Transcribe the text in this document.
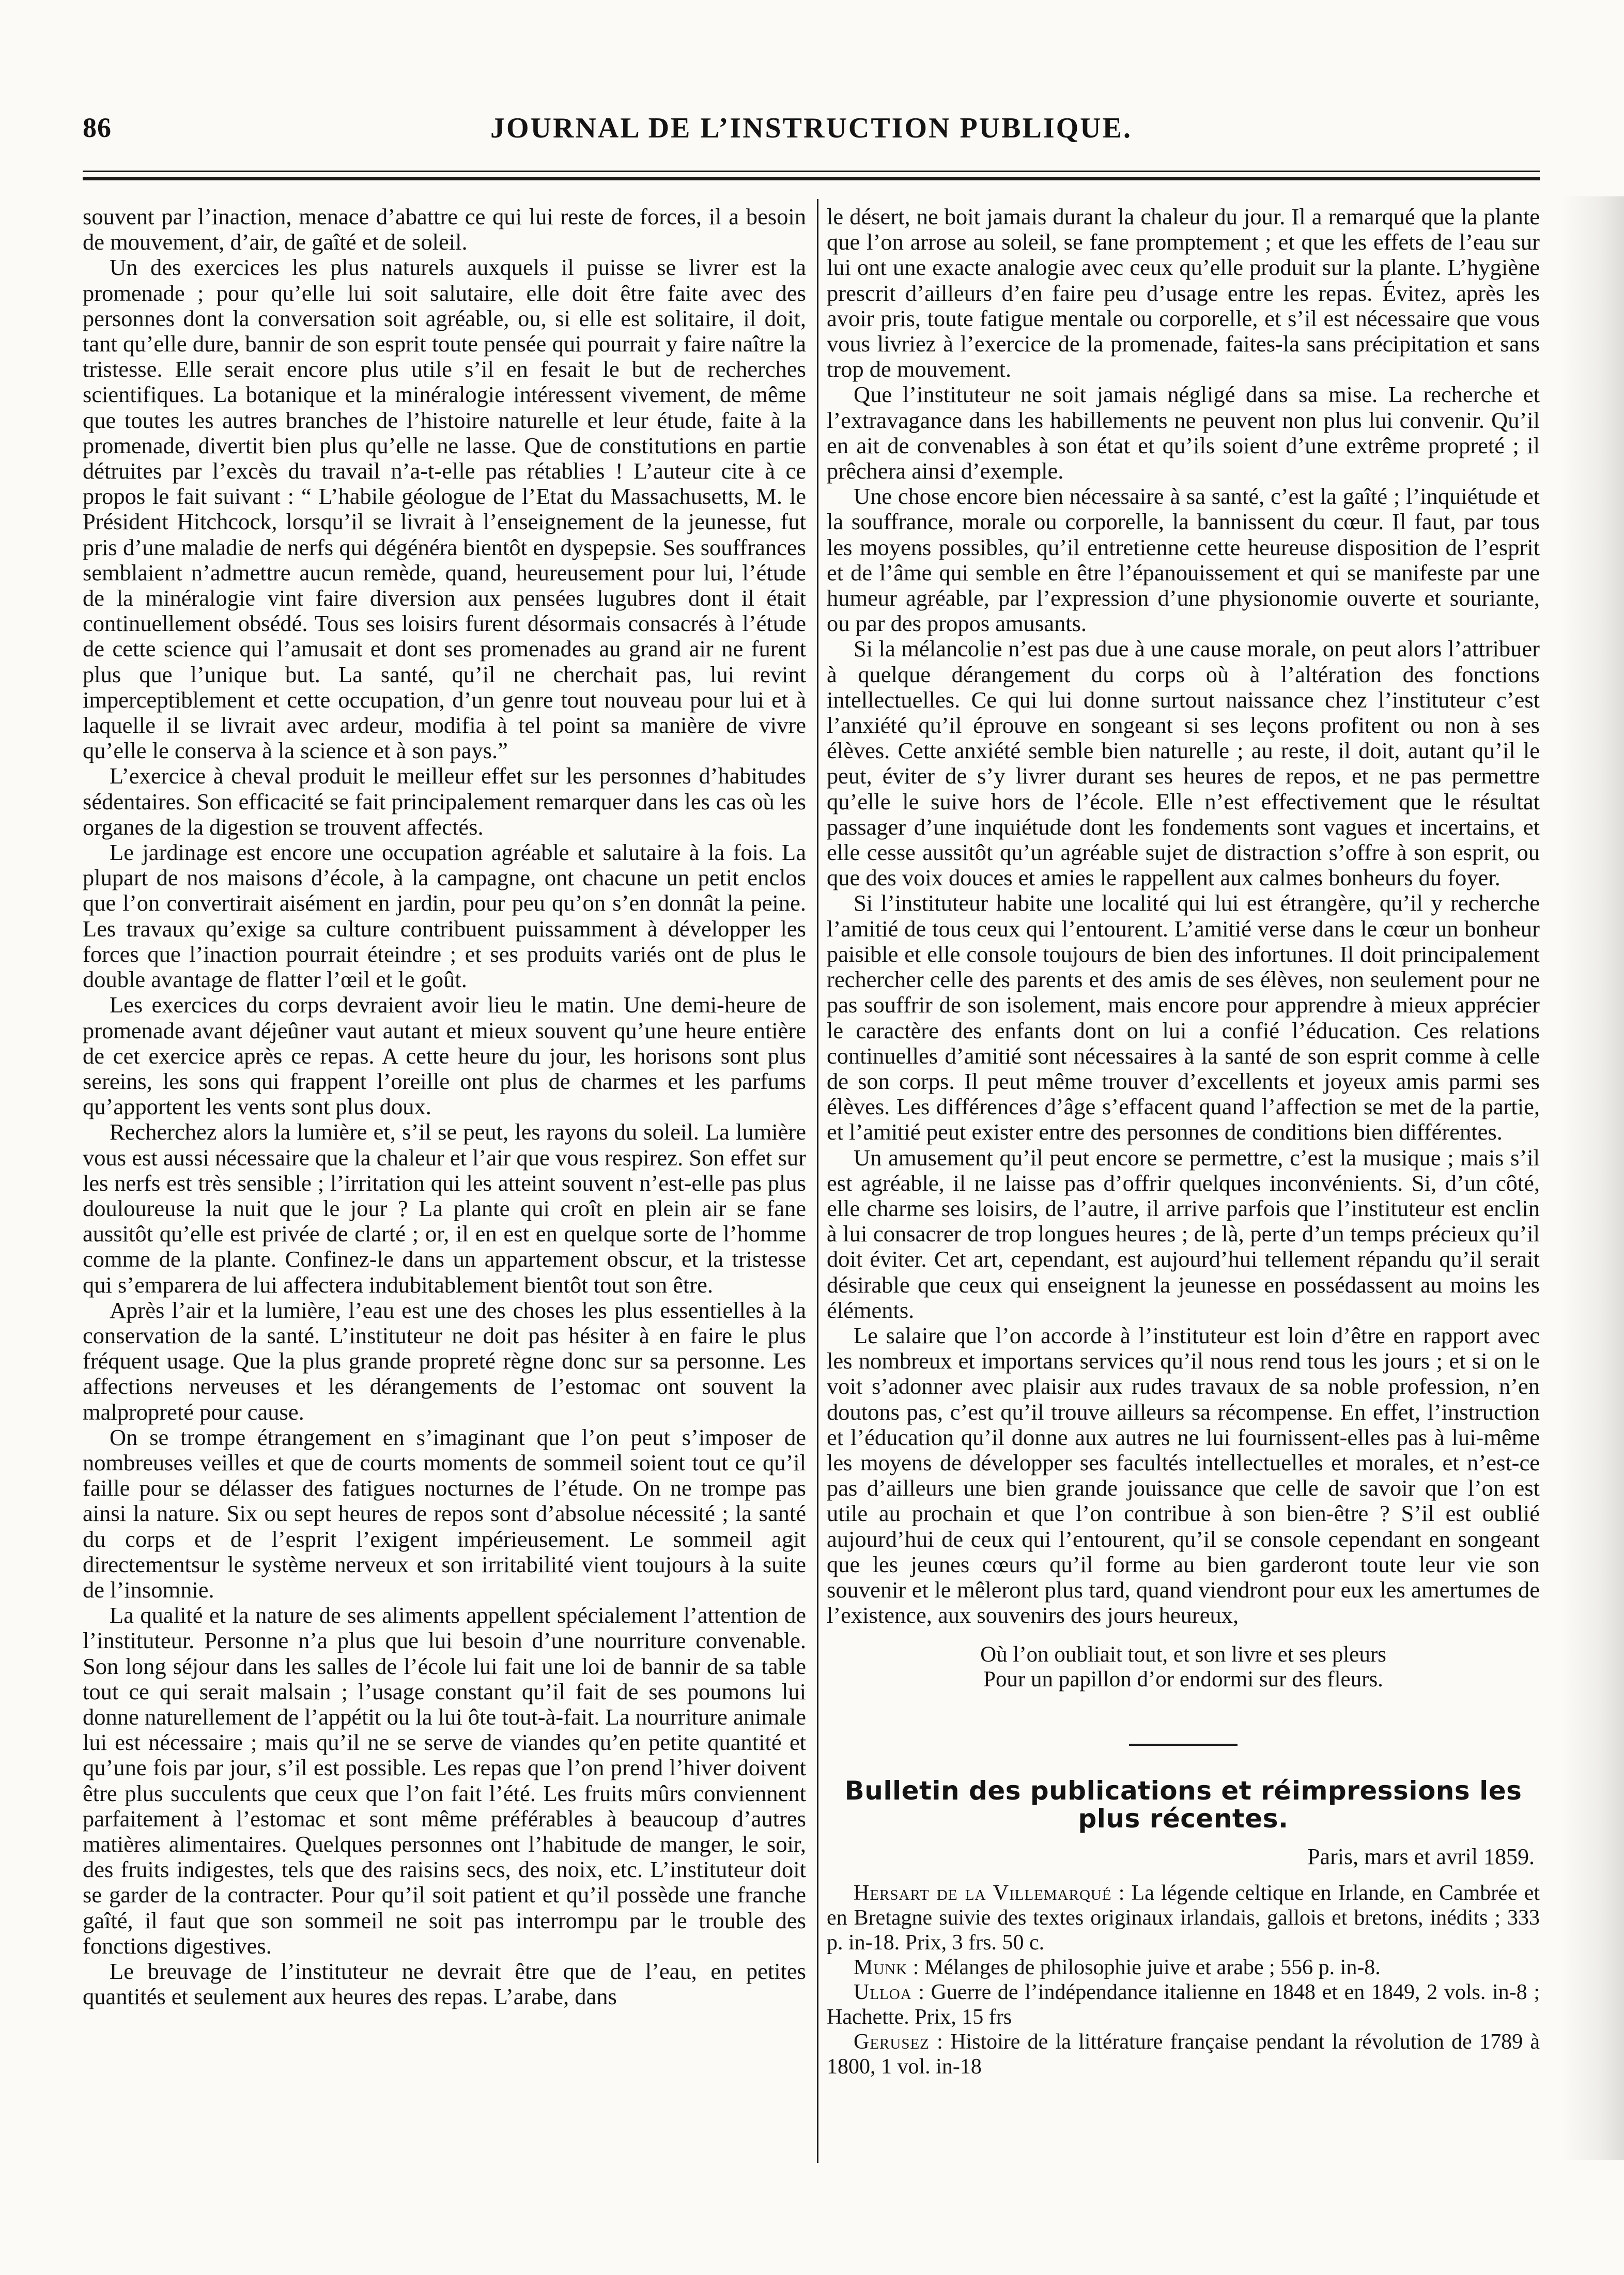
86	JOURNAL DE L’INSTRUCTION PUBLIQUE.

souvent par l’inaction, menace d’abattre ce qui lui reste de forces, il a besoin de mouvement, d’air, de gaîté et de soleil.

Un des exercices les plus naturels auxquels il puisse se livrer est la promenade ; pour qu’elle lui soit salutaire, elle doit être faite avec des personnes dont la conversation soit agréable, ou, si elle est solitaire, il doit, tant qu’elle dure, bannir de son esprit toute pensée qui pourrait y faire naître la tristesse. Elle serait encore plus utile s’il en fesait le but de recherches scientifiques. La botanique et la minéralogie intéressent vivement, de même que toutes les autres branches de l’histoire naturelle et leur étude, faite à la promenade, divertit bien plus qu’elle ne lasse. Que de constitutions en partie détruites par l’excès du travail n’a-t-elle pas rétablies ! L’auteur cite à ce propos le fait suivant : “ L’habile géologue de l’Etat du Massachusetts, M. le Président Hitchcock, lorsqu’il se livrait à l’enseignement de la jeunesse, fut pris d’une maladie de nerfs qui dégénéra bientôt en dyspepsie. Ses souffrances semblaient n’admettre aucun remède, quand, heureusement pour lui, l’étude de la minéralogie vint faire diversion aux pensées lugubres dont il était continuellement obsédé. Tous ses loisirs furent désormais consacrés à l’étude de cette science qui l’amusait et dont ses promenades au grand air ne furent plus que l’unique but. La santé, qu’il ne cherchait pas, lui revint imperceptiblement et cette occupation, d’un genre tout nouveau pour lui et à laquelle il se livrait avec ardeur, modifia à tel point sa manière de vivre qu’elle le conserva à la science et à son pays.”

L’exercice à cheval produit le meilleur effet sur les personnes d’habitudes sédentaires. Son efficacité se fait principalement remarquer dans les cas où les organes de la digestion se trouvent affectés.

Le jardinage est encore une occupation agréable et salutaire à la fois. La plupart de nos maisons d’école, à la campagne, ont chacune un petit enclos que l’on convertirait aisément en jardin, pour peu qu’on s’en donnât la peine. Les travaux qu’exige sa culture contribuent puissamment à développer les forces que l’inaction pourrait éteindre ; et ses produits variés ont de plus le double avantage de flatter l’œil et le goût.

Les exercices du corps devraient avoir lieu le matin. Une demi-heure de promenade avant déjeûner vaut autant et mieux souvent qu’une heure entière de cet exercice après ce repas. A cette heure du jour, les horisons sont plus sereins, les sons qui frappent l’oreille ont plus de charmes et les parfums qu’apportent les vents sont plus doux.

Recherchez alors la lumière et, s’il se peut, les rayons du soleil. La lumière vous est aussi nécessaire que la chaleur et l’air que vous respirez. Son effet sur les nerfs est très sensible ; l’irritation qui les atteint souvent n’est-elle pas plus douloureuse la nuit que le jour ? La plante qui croît en plein air se fane aussitôt qu’elle est privée de clarté ; or, il en est en quelque sorte de l’homme comme de la plante. Confinez-le dans un appartement obscur, et la tristesse qui s’emparera de lui affectera indubitablement bientôt tout son être.

Après l’air et la lumière, l’eau est une des choses les plus essentielles à la conservation de la santé. L’instituteur ne doit pas hésiter à en faire le plus fréquent usage. Que la plus grande propreté règne donc sur sa personne. Les affections nerveuses et les dérangements de l’estomac ont souvent la malpropreté pour cause.

On se trompe étrangement en s’imaginant que l’on peut s’imposer de nombreuses veilles et que de courts moments de sommeil soient tout ce qu’il faille pour se délasser des fatigues nocturnes de l’étude. On ne trompe pas ainsi la nature. Six ou sept heures de repos sont d’absolue nécessité ; la santé du corps et de l’esprit l’exigent impérieusement. Le sommeil agit directementsur le système nerveux et son irritabilité vient toujours à la suite de l’insomnie.

La qualité et la nature de ses aliments appellent spécialement l’attention de l’instituteur. Personne n’a plus que lui besoin d’une nourriture convenable. Son long séjour dans les salles de l’école lui fait une loi de bannir de sa table tout ce qui serait malsain ; l’usage constant qu’il fait de ses poumons lui donne naturellement de l’appétit ou la lui ôte tout-à-fait. La nourriture animale lui est nécessaire ; mais qu’il ne se serve de viandes qu’en petite quantité et qu’une fois par jour, s’il est possible. Les repas que l’on prend l’hiver doivent être plus succulents que ceux que l’on fait l’été. Les fruits mûrs conviennent parfaitement à l’estomac et sont même préférables à beaucoup d’autres matières alimentaires. Quelques personnes ont l’habitude de manger, le soir, des fruits indigestes, tels que des raisins secs, des noix, etc. L’instituteur doit se garder de la contracter. Pour qu’il soit patient et qu’il possède une franche gaîté, il faut que son sommeil ne soit pas interrompu par le trouble des fonctions digestives.

Le breuvage de l’instituteur ne devrait être que de l’eau, en petites quantités et seulement aux heures des repas. L’arabe, dans

le désert, ne boit jamais durant la chaleur du jour. Il a remarqué que la plante que l’on arrose au soleil, se fane promptement ; et que les effets de l’eau sur lui ont une exacte analogie avec ceux qu’elle produit sur la plante. L’hygiène prescrit d’ailleurs d’en faire peu d’usage entre les repas. Évitez, après les avoir pris, toute fatigue mentale ou corporelle, et s’il est nécessaire que vous vous livriez à l’exercice de la promenade, faites-la sans précipitation et sans trop de mouvement.

Que l’instituteur ne soit jamais négligé dans sa mise. La recherche et l’extravagance dans les habillements ne peuvent non plus lui convenir. Qu’il en ait de convenables à son état et qu’ils soient d’une extrême propreté ; il prêchera ainsi d’exemple.

Une chose encore bien nécessaire à sa santé, c’est la gaîté ; l’inquiétude et la souffrance, morale ou corporelle, la bannissent du cœur. Il faut, par tous les moyens possibles, qu’il entretienne cette heureuse disposition de l’esprit et de l’âme qui semble en être l’épanouissement et qui se manifeste par une humeur agréable, par l’expression d’une physionomie ouverte et souriante, ou par des propos amusants.

Si la mélancolie n’est pas due à une cause morale, on peut alors l’attribuer à quelque dérangement du corps où à l’altération des fonctions intellectuelles. Ce qui lui donne surtout naissance chez l’instituteur c’est l’anxiété qu’il éprouve en songeant si ses leçons profitent ou non à ses élèves. Cette anxiété semble bien naturelle ; au reste, il doit, autant qu’il le peut, éviter de s’y livrer durant ses heures de repos, et ne pas permettre qu’elle le suive hors de l’école. Elle n’est effectivement que le résultat passager d’une inquiétude dont les fondements sont vagues et incertains, et elle cesse aussitôt qu’un agréable sujet de distraction s’offre à son esprit, ou que des voix douces et amies le rappellent aux calmes bonheurs du foyer.

Si l’instituteur habite une localité qui lui est étrangère, qu’il y recherche l’amitié de tous ceux qui l’entourent. L’amitié verse dans le cœur un bonheur paisible et elle console toujours de bien des infortunes. Il doit principalement rechercher celle des parents et des amis de ses élèves, non seulement pour ne pas souffrir de son isolement, mais encore pour apprendre à mieux apprécier le caractère des enfants dont on lui a confié l’éducation. Ces relations continuelles d’amitié sont nécessaires à la santé de son esprit comme à celle de son corps. Il peut même trouver d’excellents et joyeux amis parmi ses élèves. Les différences d’âge s’effacent quand l’affection se met de la partie, et l’amitié peut exister entre des personnes de conditions bien différentes.

Un amusement qu’il peut encore se permettre, c’est la musique ; mais s’il est agréable, il ne laisse pas d’offrir quelques inconvénients. Si, d’un côté, elle charme ses loisirs, de l’autre, il arrive parfois que l’instituteur est enclin à lui consacrer de trop longues heures ; de là, perte d’un temps précieux qu’il doit éviter. Cet art, cependant, est aujourd’hui tellement répandu qu’il serait désirable que ceux qui enseignent la jeunesse en possédassent au moins les éléments.

Le salaire que l’on accorde à l’instituteur est loin d’être en rapport avec les nombreux et importans services qu’il nous rend tous les jours ; et si on le voit s’adonner avec plaisir aux rudes travaux de sa noble profession, n’en doutons pas, c’est qu’il trouve ailleurs sa récompense. En effet, l’instruction et l’éducation qu’il donne aux autres ne lui fournissent-elles pas à lui-même les moyens de développer ses facultés intellectuelles et morales, et n’est-ce pas d’ailleurs une bien grande jouissance que celle de savoir que l’on est utile au prochain et que l’on contribue à son bien-être ? S’il est oublié aujourd’hui de ceux qui l’entourent, qu’il se console cependant en songeant que les jeunes cœurs qu’il forme au bien garderont toute leur vie son souvenir et le mêleront plus tard, quand viendront pour eux les amertumes de l’existence, aux souvenirs des jours heureux,

Où l’on oubliait tout, et son livre et ses pleurs
Pour un papillon d’or endormi sur des fleurs.
Bulletin des publications et réimpressions les plus récentes.
Paris, mars et avril 1859.

Hersart de la Villemarqué : La légende celtique en Irlande, en Cambrée et en Bretagne suivie des textes originaux irlandais, gallois et bretons, inédits ; 333 p. in-18. Prix, 3 frs. 50 c.

Munk : Mélanges de philosophie juive et arabe ; 556 p. in-8.

Ulloa : Guerre de l’indépendance italienne en 1848 et en 1849, 2 vols. in-8 ; Hachette. Prix, 15 frs

Gerusez : Histoire de la littérature française pendant la révolution de 1789 à 1800, 1 vol. in-18
